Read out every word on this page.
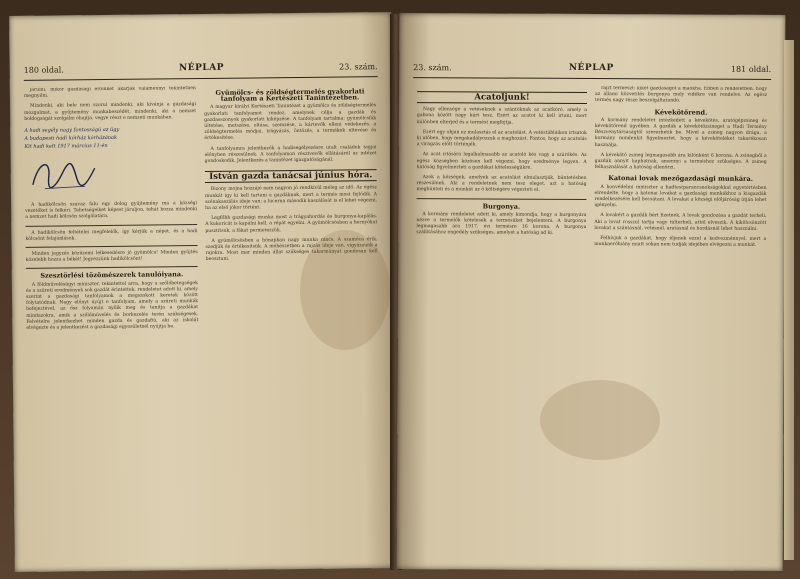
180 oldal.	NÉPLAP	23. szám.

járulni, mikor gazdasági erőinket akarják valamennyi tekintetben megnyilni.

Mindenki, aki bele nem szorul mindenki, aki kívánja a gazdasági mozgalmat, a gyűjtemény munkabeszédét, mindenki, aki a nemzet boldogságát szolgálni óhajtja, vegye részt e nemzeti munkában.

A hadi segély nagy fontosságú az ügy
A budapesti hadi kórház kórházának
Kit hadi kelt 1917 március 11-én

A hadikölcsön szavaz falu egy dolog gyűjtemény ma a községi vezetőket is felkéri. Tehetségeiket képest járuljon, tehát hozza mindenki a nemzet hadi kölcsön szolgálatára.

A hadikölcsön feltételei megfelelők, így kérjük a népet, és a hadi kölcsönt felajánlások.

Minden jegyzés közüzemi lelkesedésre jó gyümölcs! Minden gyűjtés közelebb hozza a békét! Jegyezzünk hadikölcsönt!

Szesztörlési tözömészerek tanulóiyana.

A földművelésügyi miniszter, tekintettel arra, hogy a szőlőbetegségek és a szüreti eredmények sok gazdát érintettek, rendeletet adott ki, amely szerint a gazdasági tanfolyamok a megszokott keretek között folytatódnak. Nagy előnyt nyújt e tanfolyam, amely a szüreti munkák befejeztével, az ősz folyamán nyílik meg és tanítja a gazdákat mindazokra, amik a szőlőművelés és borkezelés terén szükségesek. Felvételre jelentkezhet minden gazda és gazdafiú, aki az iskolát elvégezte és a jelentkezést a gazdasági egyesületnél nyújtja be.

Gyümölcs- és zöldségtermelés gyakorlati tanfolyam a Kertészeti Tanintézetben.

A magyar királyi Kertészeti Tanintézet a gyümölcs és zöldségtermelés gyakorlati tanfolyamot rendez, amelynek célja a gazdák és gazdasszonyok gyakorlati kiképzése. A tanfolyam tartalma: gyümölcsfák ültetése, metszése, oltása, szemzése, a kártevők elleni védekezés, a zöldségtermelés módjai, trágyázás, öntözés, a termékek eltevése és értékesítése.

A tanfolyamra jelentkezők a hadisegélyezésre utalt családok tagjai előnyben részesülnek. A tanfolyamon résztvevők ellátásáról az intézet gondoskodik. Jelentkezés a tanintézet igazgatóságánál.

István gazda tanácsai június hóra.

Bizony mojna hozzájó nem nagyon jó rendkívül meleg az idő. Az egész munkát így ki kell tartani a gazdáknak, mert a termés most fejlődik. A szénakaszálás ideje van; a lucerna második kaszálását is el lehet végezni, ha az első jókor történt.

Legfőbb gazdasági munka most a trágyahordás és burgonya-kapálás. A kukoricát is kapálni kell, a répát egyelni. A gyümölcsösben a hernyókat pusztítsuk, a fákat permetezzük.

A gyümölcsösben a hónapban nagy munka nincs. A szamóca érik, szedjük és értékesítsük. A méhészetben a rajzás ideje van, vigyázzunk a rajokra. Most mar minden állat szükséges takarmányát gondosan kell beosztani.

23. szám.	NÉPLAP	181 oldal.
Acatoljunk!

Nagy ellensége a vetéseknek a szántóknak az acatkóró, amely a gabona között nagy kárt tesz. Ezért az acatot ki kell irtani, mert különben elterjed és a termést megfojtja.

Ezért egy ohjan ez mulasztás el az acatolást. A vetéstábláikon irtsatok ki időben, hogy megakadályozzuk a maghozást. Fontos, hogy az acatolás a virágzás előtt történjék.

Az acat irtására legalkalmasabb az acatoló kés vagy a szúrókés. Az egész községben közösen kell végezni, hogy eredménye legyen. A hatóság figyelmezteti a gazdákat kötelességükre.

Azok a községek, amelyek az acatolást elmulasztják, büntetésben részesülnek. Aki a rendeletnek nem tesz eleget, azt a hatóság megbünteti és a munkát az ő költségére végezteti el.

Burgonya.

A kormány rendeletet adott ki, amely kimondja, hogy a burgonyára nézve a termelők kötelesek a termésüket bejelenteni. A burgonya legmagasabb ára 1917. évi termésre 16 korona. A burgonya szállításához engedély szükséges, amelyet a hatóság ad ki.

rajzt termeszt: kiket gazdaságot a maokha. Ebben a rendeletben, hogy az állami közvetítés burgonya mely vidékre van rendelve. Az egész termés nagy része beszolgáltatandó.

Kévekötőrend.

A kormány rendeletet intézkedett a kévekötés, aratógépzsineg és kévekötőrend ügyében. A gazdák a kévekötőzsineget a Hadi Termény Részvénytársaságtól szerezhetik be. Mivel a zsineg nagyon drága, a kormány mindenkit figyelmeztet, hogy a kéveköteléket takarékosan használja.

A kévekötő zsineg legmagasabb ára kilónként 6 korona. A zsinegből a gazdák annyit kaphatnak, amennyi a terméshez szükséges. A zsineg felhasználását a hatóság ellenőrzi.

Katonai lovak mezőgazdasági munkára.

A honvédelmi miniszter a hadtestparancsnokságokkal egyetértésben elrendelte, hogy a katonai lovakat a gazdasági munkákhoz a kisgazdák rendelkezésére kell bocsátani. A lovakat a községi elöljáróság útján lehet igényelni.

A lovakért a gazdák bért fizetnek. A lovak gondozása a gazdát terheli. Aki a lovat rosszul tartja vagy túlterheli, attól elveszik. A kikölcsönzött lovakat a szántásnál, vetésnél, aratásnál és hordásnál lehet használni.

Felhívjuk a gazdákat, hogy éljenek ezzel a kedvezménnyel, mert a munkaerőhiány miatt sokan nem tudják idejében elvégezni a munkát.
